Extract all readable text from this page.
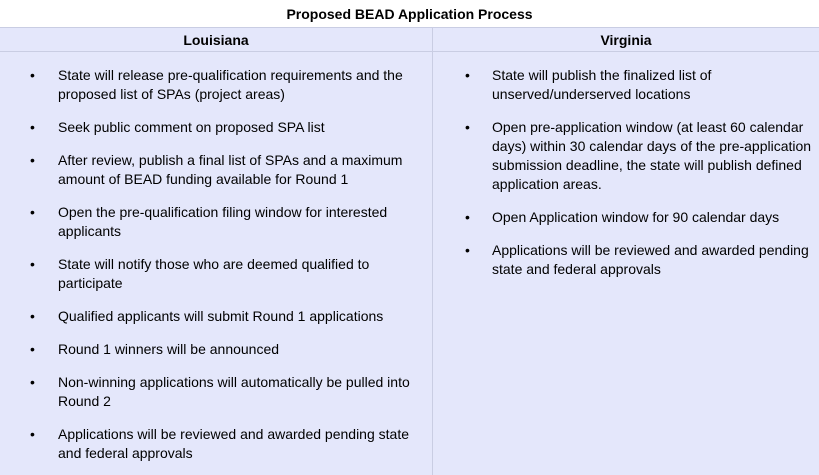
Proposed BEAD Application Process
Louisiana	Virginia
• State will release pre-qualification requirements and the proposed list of SPAs (project areas)
• Seek public comment on proposed SPA list
• After review, publish a final list of SPAs and a maximum amount of BEAD funding available for Round 1
• Open the pre-qualification filing window for interested applicants
• State will notify those who are deemed qualified to participate
• Qualified applicants will submit Round 1 applications
• Round 1 winners will be announced
• Non-winning applications will automatically be pulled into Round 2
• Applications will be reviewed and awarded pending state and federal approvals
• State will publish the finalized list of unserved/underserved locations
• Open pre-application window (at least 60 calendar days) within 30 calendar days of the pre-application submission deadline, the state will publish defined application areas.
• Open Application window for 90 calendar days
• Applications will be reviewed and awarded pending state and federal approvals
